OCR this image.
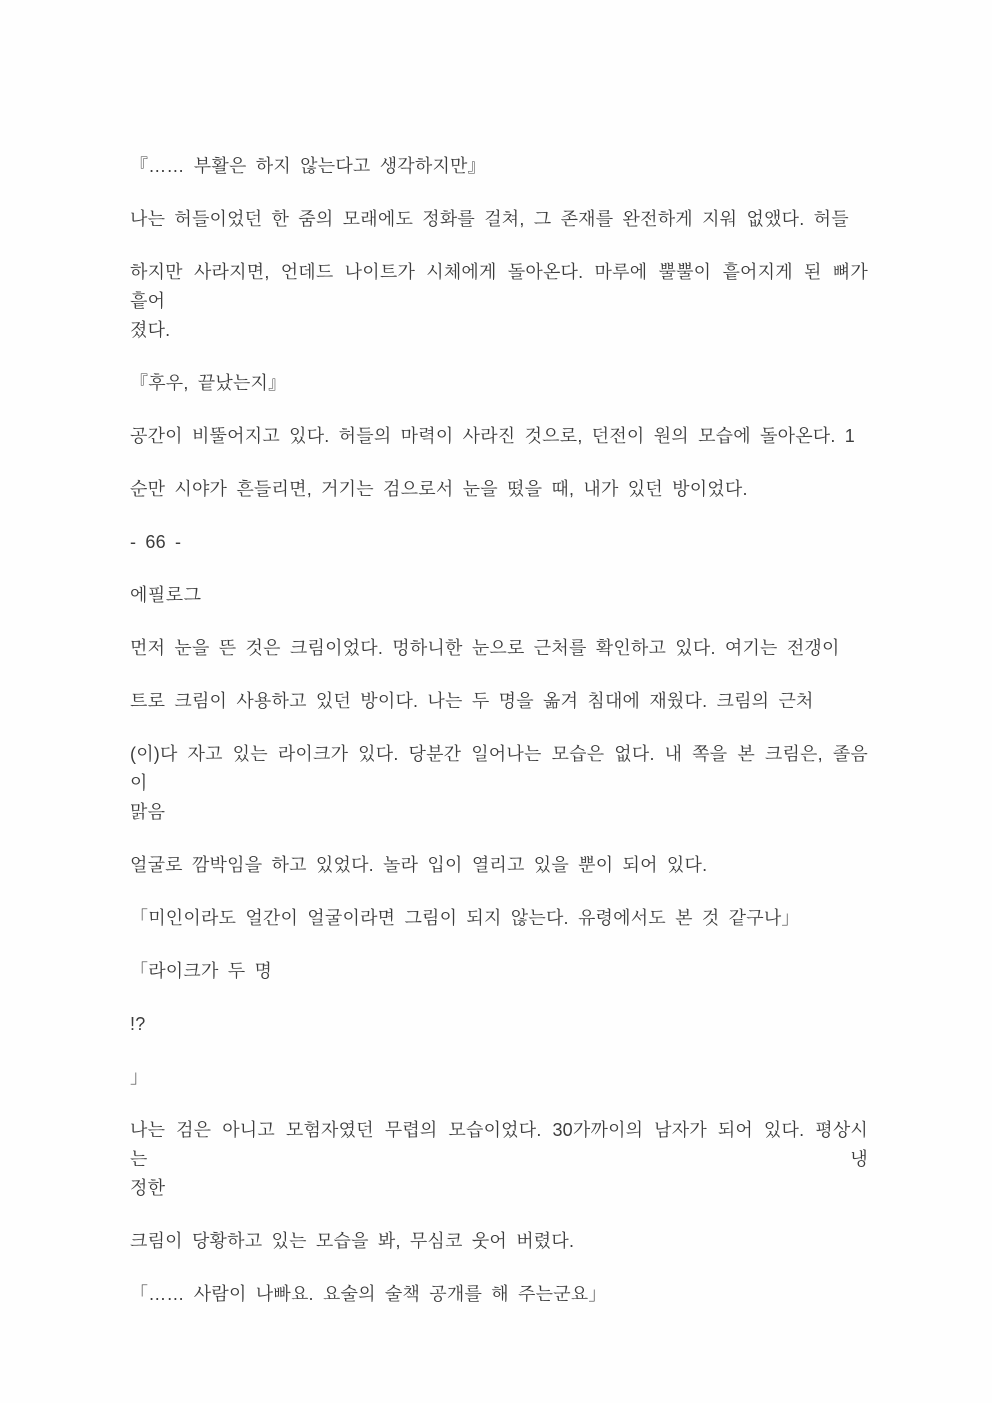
『…… 부활은 하지 않는다고 생각하지만』
나는 허들이었던 한 줌의 모래에도 정화를 걸쳐, 그 존재를 완전하게 지워 없앴다. 허들
하지만 사라지면, 언데드 나이트가 시체에게 돌아온다. 마루에 뿔뿔이 흩어지게 된 뼈가 흩어
졌다.
『후우, 끝났는지』
공간이 비뚤어지고 있다. 허들의 마력이 사라진 것으로, 던전이 원의 모습에 돌아온다. 1
순만 시야가 흔들리면, 거기는 검으로서 눈을 떴을 때, 내가 있던 방이었다.
- 66 -
에필로그
먼저 눈을 뜬 것은 크림이었다. 멍하니한 눈으로 근처를 확인하고 있다. 여기는 전갱이
트로 크림이 사용하고 있던 방이다. 나는 두 명을 옮겨 침대에 재웠다. 크림의 근처
(이)다 자고 있는 라이크가 있다. 당분간 일어나는 모습은 없다. 내 쪽을 본 크림은, 졸음이
맑음
얼굴로 깜박임을 하고 있었다. 놀라 입이 열리고 있을 뿐이 되어 있다.
「미인이라도 얼간이 얼굴이라면 그림이 되지 않는다. 유령에서도 본 것 같구나」
「라이크가 두 명
!?
」
나는 검은 아니고 모험자였던 무렵의 모습이었다. 30가까이의 남자가 되어 있다. 평상시는 냉
정한
크림이 당황하고 있는 모습을 봐, 무심코 웃어 버렸다.
「…… 사람이 나빠요. 요술의 술책 공개를 해 주는군요」
